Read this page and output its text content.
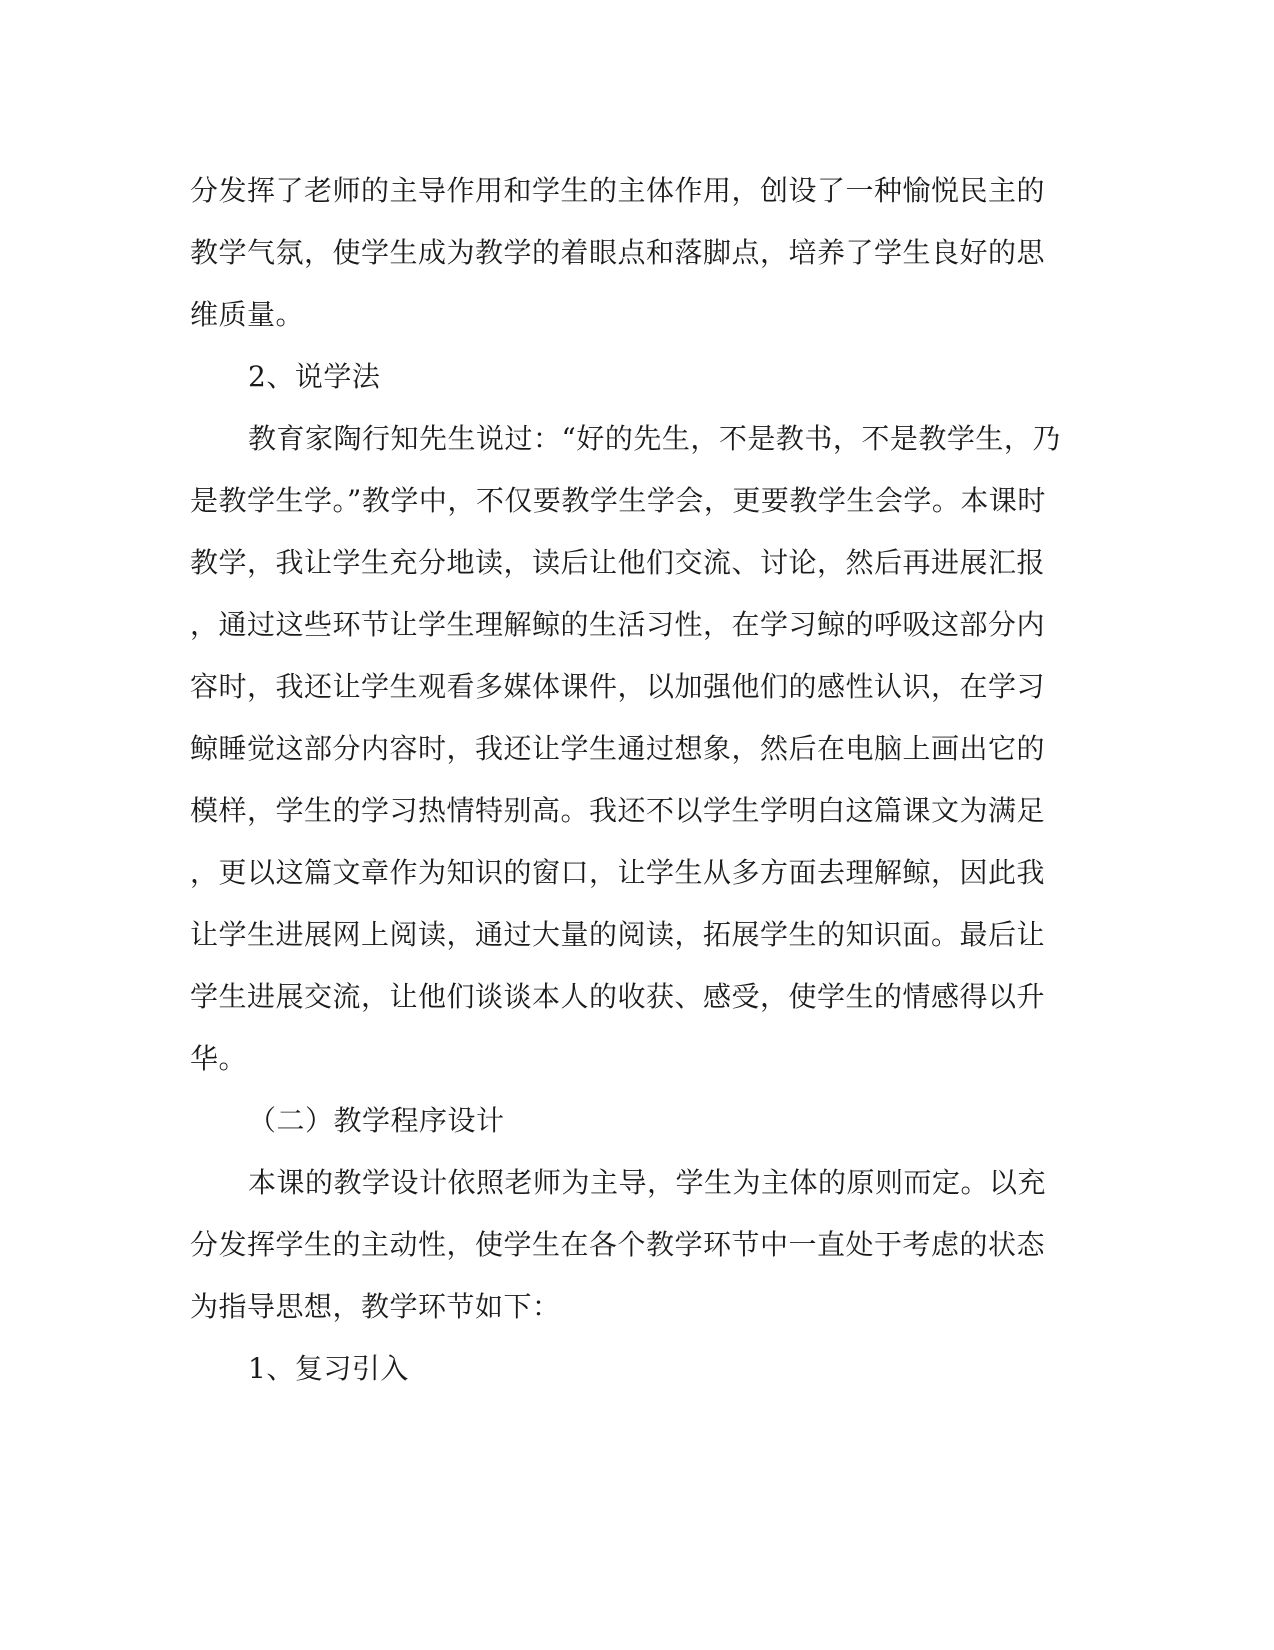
分发挥了老师的主导作用和学生的主体作用，创设了一种愉悦民主的
教学气氛，使学生成为教学的着眼点和落脚点，培养了学生良好的思
维质量。
2、说学法
教育家陶行知先生说过：“好的先生，不是教书，不是教学生，乃
是教学生学。”教学中，不仅要教学生学会，更要教学生会学。本课时
教学，我让学生充分地读，读后让他们交流、讨论，然后再进展汇报
，通过这些环节让学生理解鲸的生活习性，在学习鲸的呼吸这部分内
容时，我还让学生观看多媒体课件，以加强他们的感性认识，在学习
鲸睡觉这部分内容时，我还让学生通过想象，然后在电脑上画出它的
模样，学生的学习热情特别高。我还不以学生学明白这篇课文为满足
，更以这篇文章作为知识的窗口，让学生从多方面去理解鲸，因此我
让学生进展网上阅读，通过大量的阅读，拓展学生的知识面。最后让
学生进展交流，让他们谈谈本人的收获、感受，使学生的情感得以升
华。
（二）教学程序设计
本课的教学设计依照老师为主导，学生为主体的原则而定。以充
分发挥学生的主动性，使学生在各个教学环节中一直处于考虑的状态
为指导思想，教学环节如下：
1、复习引入
